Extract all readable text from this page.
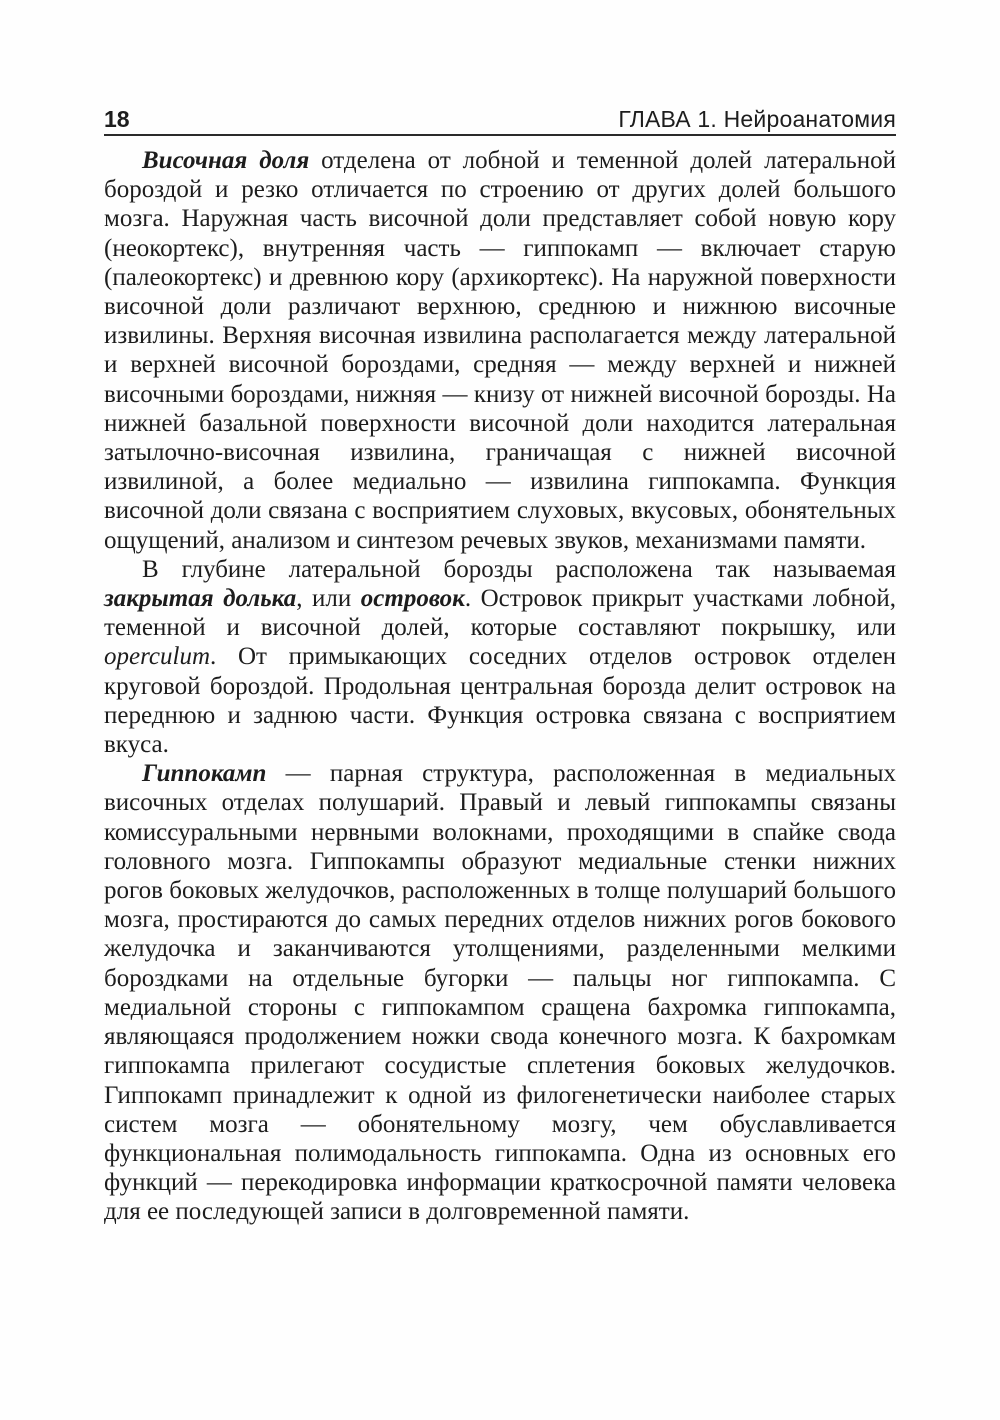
18	ГЛАВА 1. Нейроанатомия

Височная доля отделена от лобной и теменной долей латеральной бороздой и резко отличается по строению от других долей большого мозга. Наружная часть височной доли представляет собой новую кору (неокортекс), внутренняя часть — гиппокамп — включает старую (палеокортекс) и древнюю кору (архикортекс). На наружной поверхности височной доли различают верхнюю, среднюю и нижнюю височные извилины. Верхняя височная извилина располагается между латеральной и верхней височной бороздами, средняя — между верхней и нижней височными бороздами, нижняя — книзу от нижней височной борозды. На нижней базальной поверхности височной доли находится латеральная затылочно-височная извилина, граничащая с нижней височной извилиной, а более медиально — извилина гиппокампа. Функция височной доли связана с восприятием слуховых, вкусовых, обонятельных ощущений, анализом и синтезом речевых звуков, механизмами памяти.

В глубине латеральной борозды расположена так называемая закрытая долька, или островок. Островок прикрыт участками лобной, теменной и височной долей, которые составляют покрышку, или operculum. От примыкающих соседних отделов островок отделен круговой бороздой. Продольная центральная борозда делит островок на переднюю и заднюю части. Функция островка связана с восприятием вкуса.

Гиппокамп — парная структура, расположенная в медиальных височных отделах полушарий. Правый и левый гиппокампы связаны комиссуральными нервными волокнами, проходящими в спайке свода головного мозга. Гиппокампы образуют медиальные стенки нижних рогов боковых желудочков, расположенных в толще полушарий большого мозга, простираются до самых передних отделов нижних рогов бокового желудочка и заканчиваются утолщениями, разделенными мелкими бороздками на отдельные бугорки — пальцы ног гиппокампа. С медиальной стороны с гиппокампом сращена бахромка гиппокампа, являющаяся продолжением ножки свода конечного мозга. К бахромкам гиппокампа прилегают сосудистые сплетения боковых желудочков. Гиппокамп принадлежит к одной из филогенетически наиболее старых систем мозга — обонятельному мозгу, чем обуславливается функциональная полимодальность гиппокампа. Одна из основных его функций — перекодировка информации краткосрочной памяти человека для ее последующей записи в долговременной памяти.
